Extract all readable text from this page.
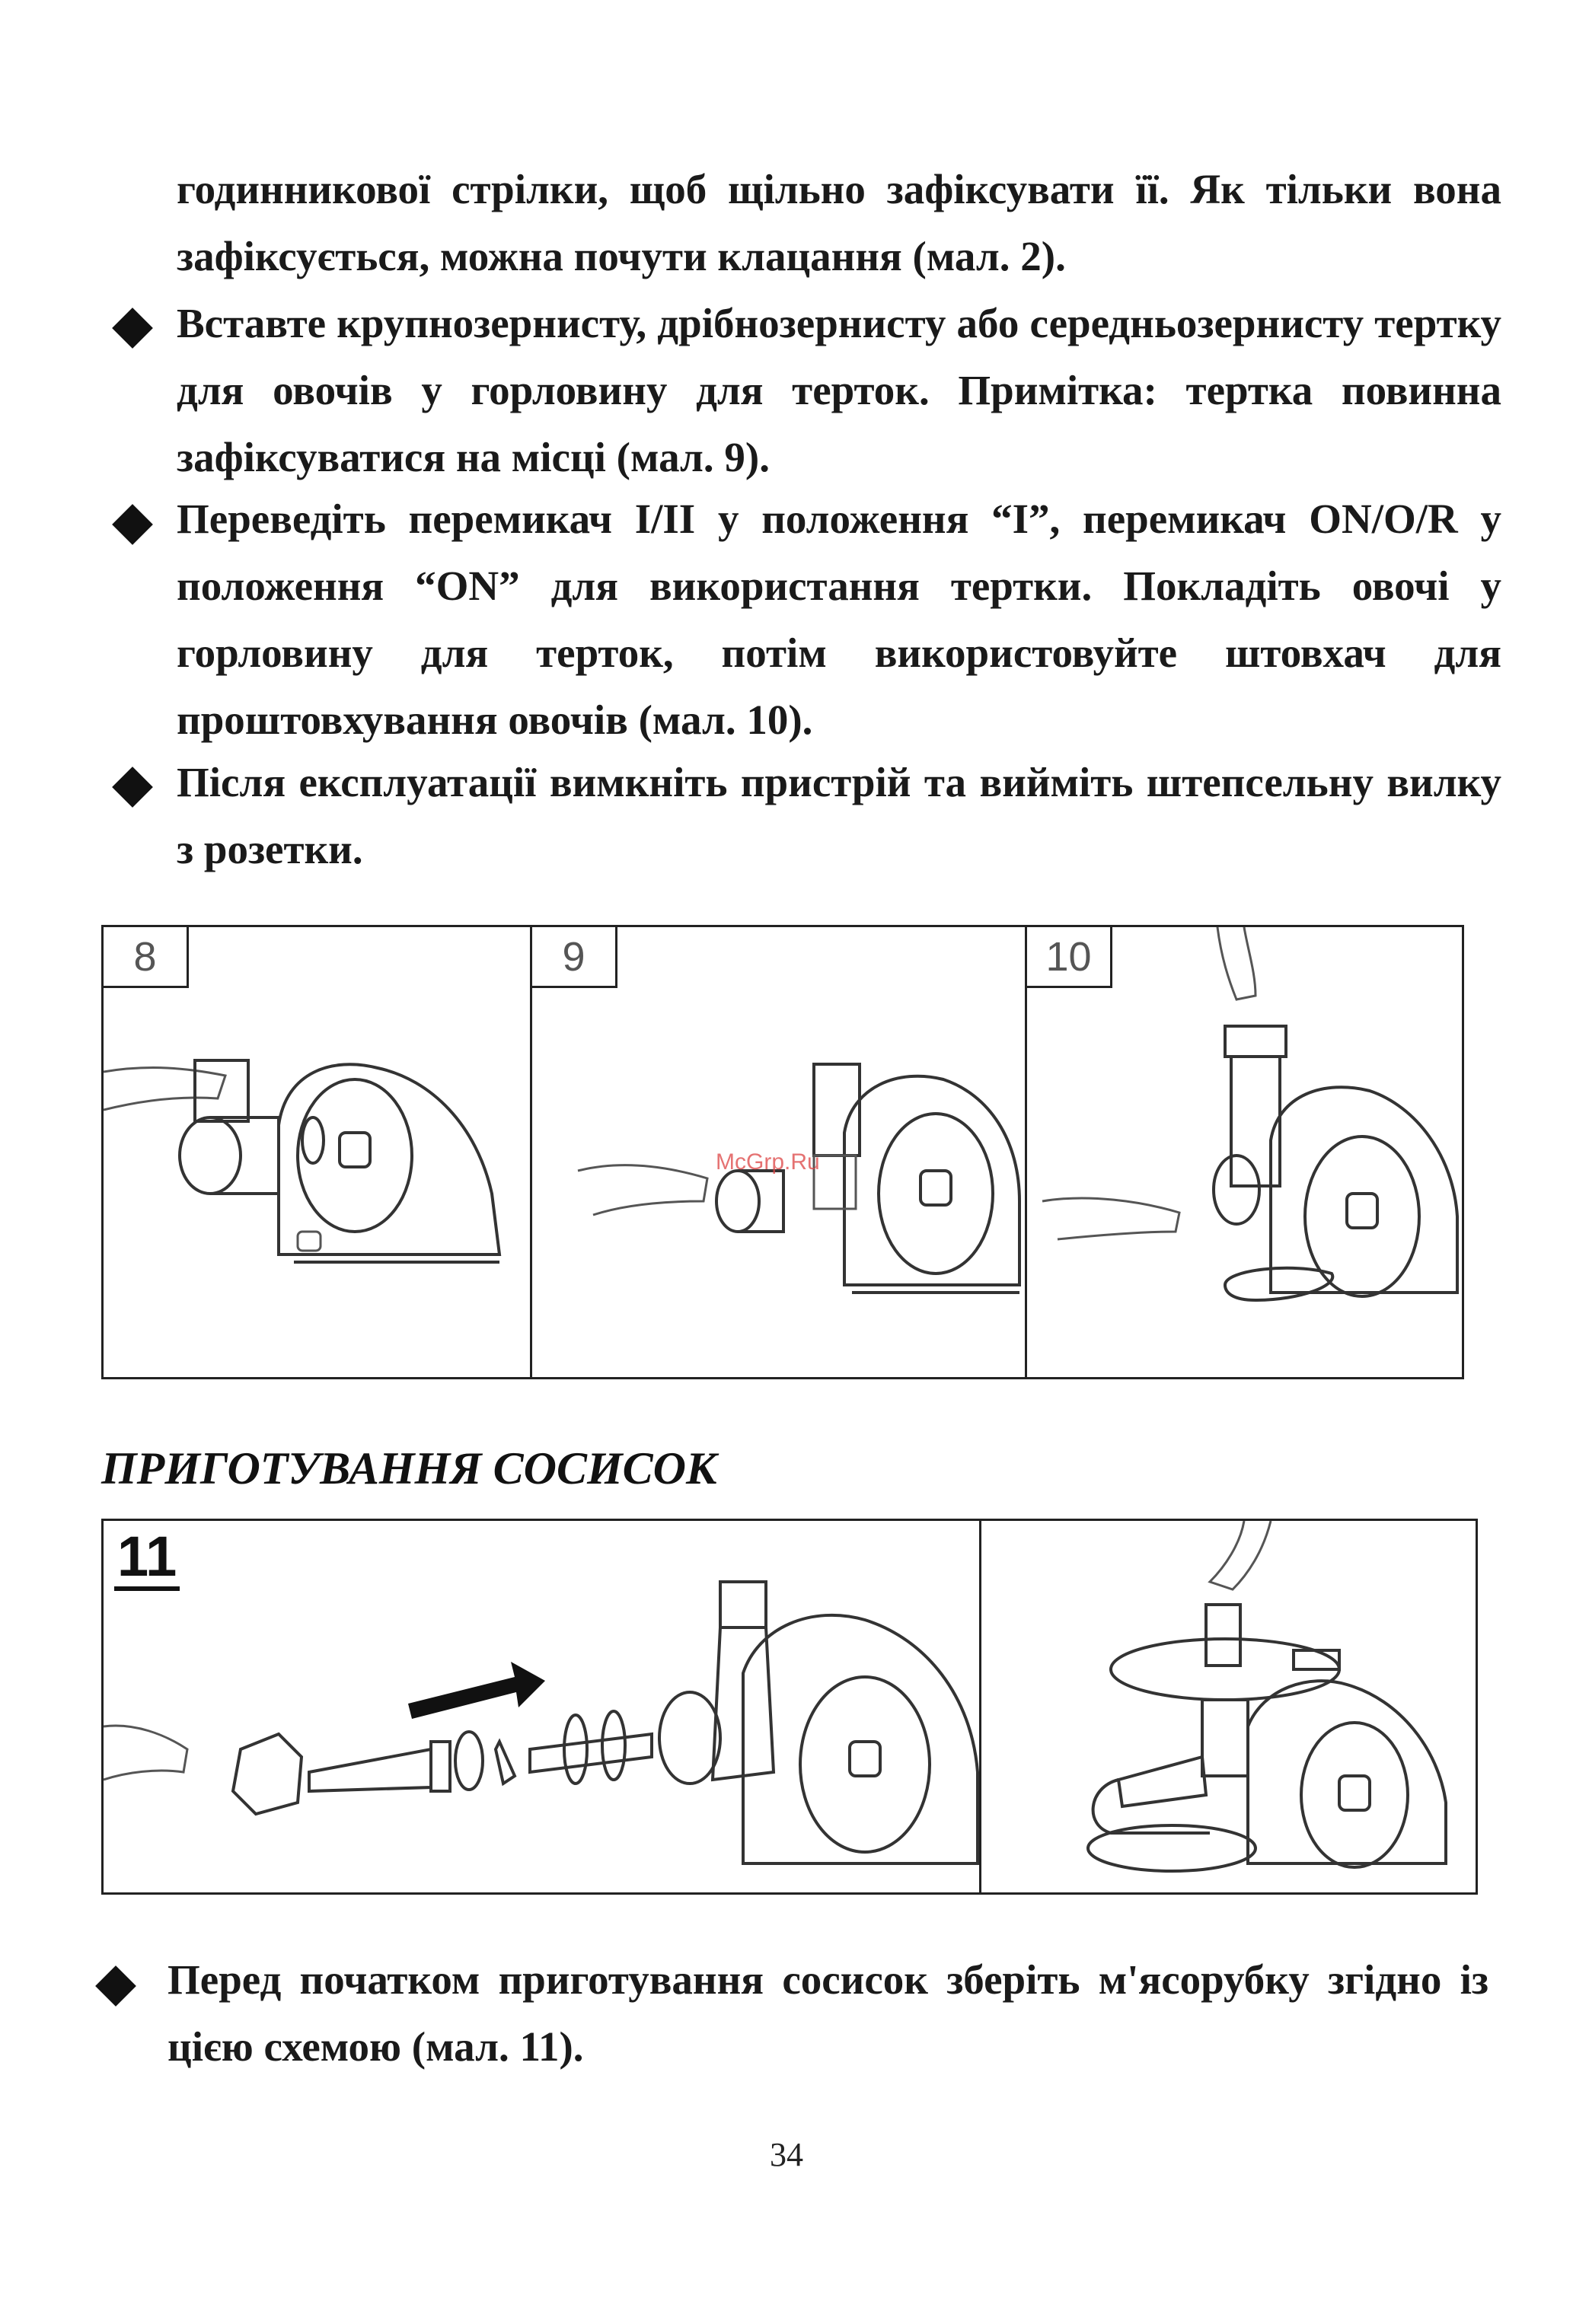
годинникової стрілки, щоб щільно зафіксувати її. Як тільки вона зафіксується, можна почути клацання (мал. 2).
Вставте крупнозернисту, дрібнозернисту або середньозернисту тертку для овочів у горловину для терток. Примітка: тертка повинна зафіксуватися на місці (мал. 9).
Переведіть перемикач I/II у положення “I”, перемикач ON/O/R у положення “ON” для використання тертки. Покладіть овочі у горловину для терток, потім використовуйте штовхач для проштовхування овочів (мал. 10).
Після експлуатації вимкніть пристрій та вийміть штепсельну вилку з розетки.
8	9	10
McGrp.Ru
ПРИГОТУВАННЯ СОСИСОК
11
Перед початком приготування сосисок зберіть м'ясорубку згідно із цією схемою (мал. 11).
34
